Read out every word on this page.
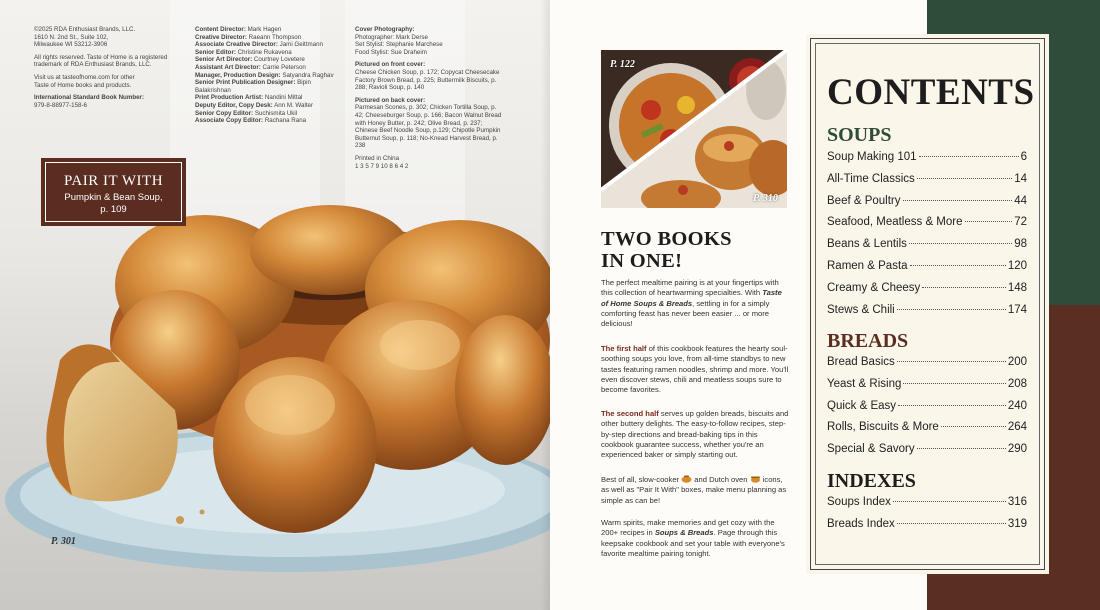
©2025 RDA Enthusiast Brands, LLC.
1610 N. 2nd St., Suite 102,
Milwaukee WI 53212-3906

All rights reserved. Taste of Home is a registered
trademark of RDA Enthusiast Brands, LLC.

Visit us at tasteofhome.com for other
Taste of Home books and products.

International Standard Book Number:
979-8-88977-158-6
Content Director: Mark Hagen
Creative Director: Raeann Thompson
Associate Creative Director: Jami Geittmann
Senior Editor: Christine Rukavena
Senior Art Director: Courtney Lovetere
Assistant Art Director: Carrie Peterson
Manager, Production Design: Satyandra Raghav
Senior Print Publication Designer: Bipin Balakrishnan
Print Production Artist: Nandini Mittal
Deputy Editor, Copy Desk: Ann M. Walter
Senior Copy Editor: Suchismita Ukil
Associate Copy Editor: Rachana Rana
Cover Photography:
Photographer: Mark Derse
Set Stylist: Stephanie Marchese
Food Stylist: Sue Draheim

Pictured on front cover:
Cheese Chicken Soup, p. 172; Copycat Cheesecake Factory Brown Bread, p. 225; Buttermilk Biscuits, p. 288; Ravioli Soup, p. 140

Pictured on back cover:
Parmesan Scones, p. 302; Chicken Tortilla Soup, p. 42; Cheeseburger Soup, p. 166; Bacon Walnut Bread with Honey Butter, p. 242; Olive Bread, p. 237; Chinese Beef Noodle Soup, p.129; Chipotle Pumpkin Butternut Soup, p. 118; No-Knead Harvest Bread, p. 238

Printed in China
1 3 5 7 9 10 8 6 4 2
PAIR IT WITH
Pumpkin & Bean Soup,
p. 109
P. 301
P. 122
P. 310
TWO BOOKS
IN ONE!
The perfect mealtime pairing is at your fingertips with this collection of heartwarming specialties. With Taste of Home Soups & Breads, settling in for a simply comforting feast has never been easier ... or more delicious!
The first half of this cookbook features the hearty soul-soothing soups you love, from all-time standbys to new tastes featuring ramen noodles, shrimp and more. You'll even discover stews, chili and meatless soups sure to become favorites.
The second half serves up golden breads, biscuits and other buttery delights. The easy-to-follow recipes, step-by-step directions and bread-baking tips in this cookbook guarantee success, whether you're an experienced baker or simply starting out.
Best of all, slow-cooker  and Dutch oven  icons, as well as "Pair It With" boxes, make menu planning as simple as can be!
Warm spirits, make memories and get cozy with the 200+ recipes in Soups & Breads. Page through this keepsake cookbook and set your table with everyone's favorite mealtime pairing tonight.
CONTENTS
SOUPS
Soup Making 101	6
All-Time Classics	14
Beef & Poultry	44
Seafood, Meatless & More	72
Beans & Lentils	98
Ramen & Pasta	120
Creamy & Cheesy	148
Stews & Chili	174
BREADS
Bread Basics	200
Yeast & Rising	208
Quick & Easy	240
Rolls, Biscuits & More	264
Special & Savory	290
INDEXES
Soups Index	316
Breads Index	319
